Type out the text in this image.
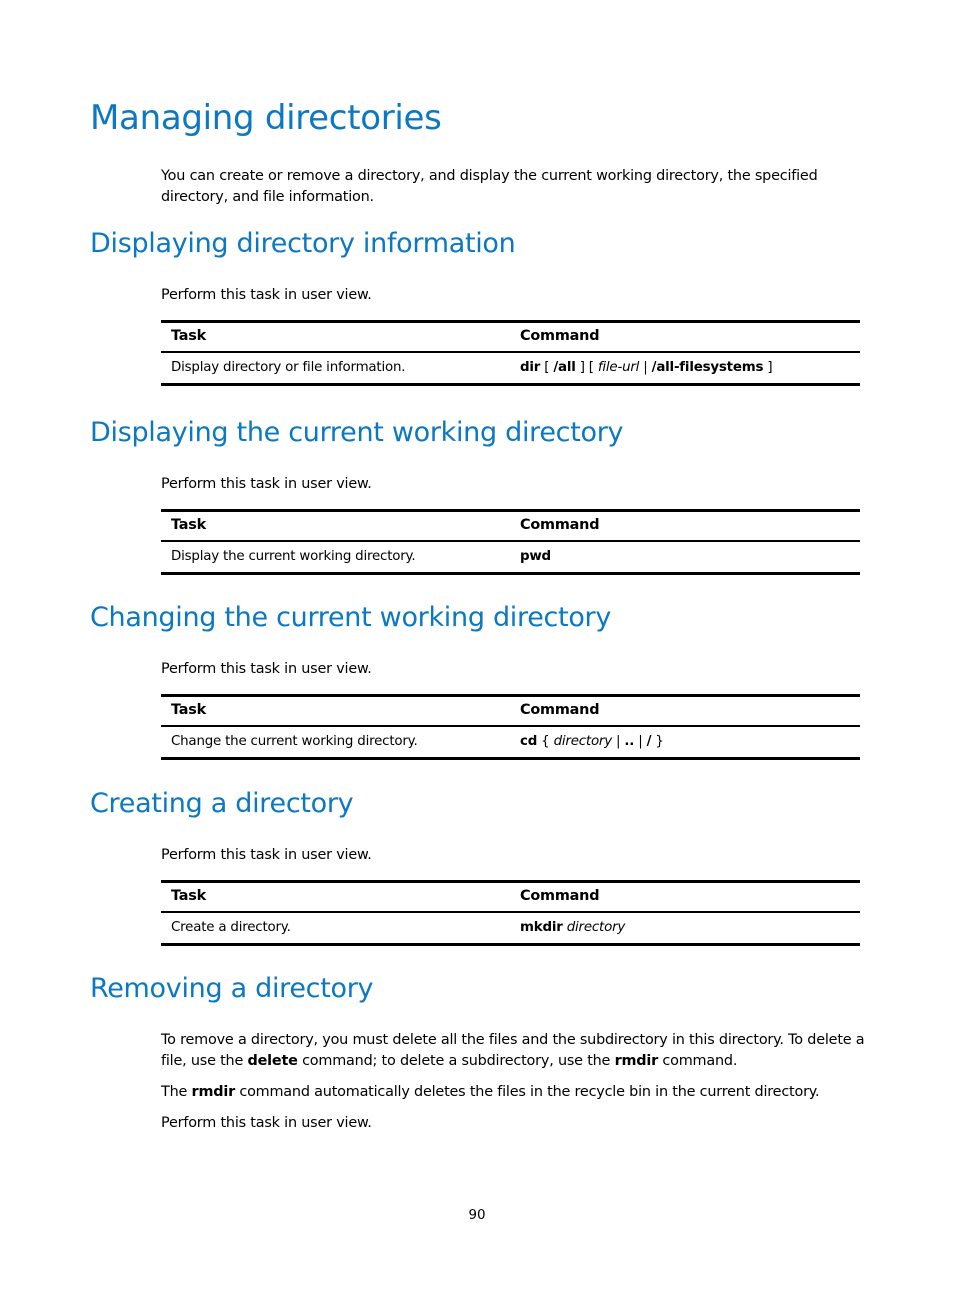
Managing directories

You can create or remove a directory, and display the current working directory, the specified directory, and file information.

Displaying directory information

Perform this task in user view.

Task	Command
Display directory or file information.	dir [ /all ] [ file-url | /all-filesystems ]
Displaying the current working directory

Perform this task in user view.

Task	Command
Display the current working directory.	pwd
Changing the current working directory

Perform this task in user view.

Task	Command
Change the current working directory.	cd { directory | .. | / }
Creating a directory

Perform this task in user view.

Task	Command
Create a directory.	mkdir directory
Removing a directory

To remove a directory, you must delete all the files and the subdirectory in this directory. To delete a file, use the delete command; to delete a subdirectory, use the rmdir command.

The rmdir command automatically deletes the files in the recycle bin in the current directory.

Perform this task in user view.

90
